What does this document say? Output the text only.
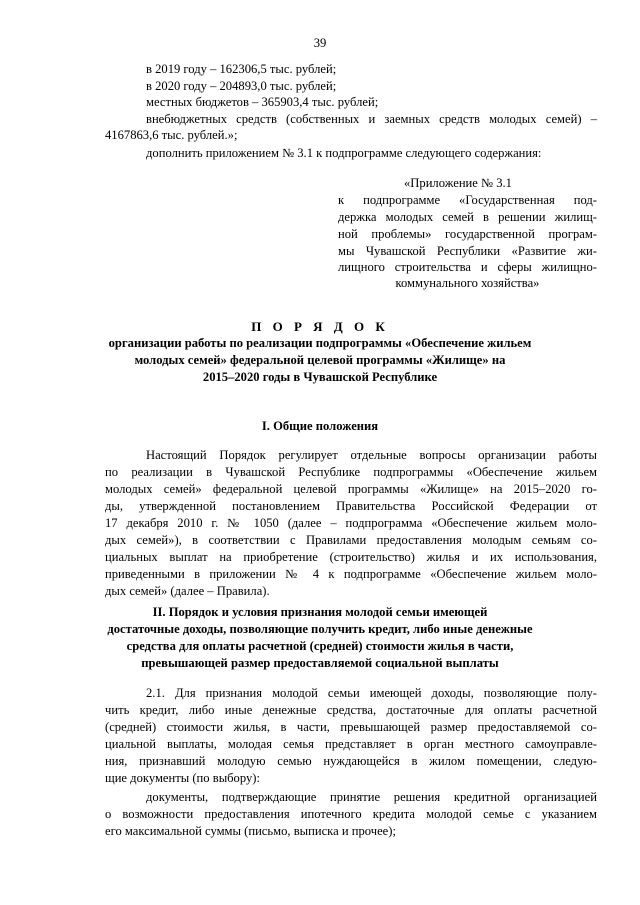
39
в 2019 году – 162306,5 тыс. рублей;
в 2020 году – 204893,0 тыс. рублей;
местных бюджетов – 365903,4 тыс. рублей;
внебюджетных средств (собственных и заемных средств молодых семей) –
4167863,6 тыс. рублей.»;
дополнить приложением № 3.1 к подпрограмме следующего содержания:
«Приложение № 3.1
к подпрограмме «Государственная под-
держка молодых семей в решении жилищ-
ной проблемы» государственной програм-
мы Чувашской Республики «Развитие жи-
лищного строительства и сферы жилищно-
коммунального хозяйства»
П О Р Я Д О К
организации работы по реализации подпрограммы «Обеспечение жильем
молодых семей» федеральной целевой программы «Жилище» на
2015–2020 годы в Чувашской Республике
I. Общие положения
Настоящий Порядок регулирует отдельные вопросы организации работы
по реализации в Чувашской Республике подпрограммы «Обеспечение жильем
молодых семей» федеральной целевой программы «Жилище» на 2015–2020 го-
ды, утвержденной постановлением Правительства Российской Федерации от
17 декабря 2010 г. № 1050 (далее – подпрограмма «Обеспечение жильем моло-
дых семей»), в соответствии с Правилами предоставления молодым семьям со-
циальных выплат на приобретение (строительство) жилья и их использования,
приведенными в приложении № 4 к подпрограмме «Обеспечение жильем моло-
дых семей» (далее – Правила).
II. Порядок и условия признания молодой семьи имеющей
достаточные доходы, позволяющие получить кредит, либо иные денежные
средства для оплаты расчетной (средней) стоимости жилья в части,
превышающей размер предоставляемой социальной выплаты
2.1. Для признания молодой семьи имеющей доходы, позволяющие полу-
чить кредит, либо иные денежные средства, достаточные для оплаты расчетной
(средней) стоимости жилья, в части, превышающей размер предоставляемой со-
циальной выплаты, молодая семья представляет в орган местного самоуправле-
ния, признавший молодую семью нуждающейся в жилом помещении, следую-
щие документы (по выбору):
документы, подтверждающие принятие решения кредитной организацией
о возможности предоставления ипотечного кредита молодой семье с указанием
его максимальной суммы (письмо, выписка и прочее);
